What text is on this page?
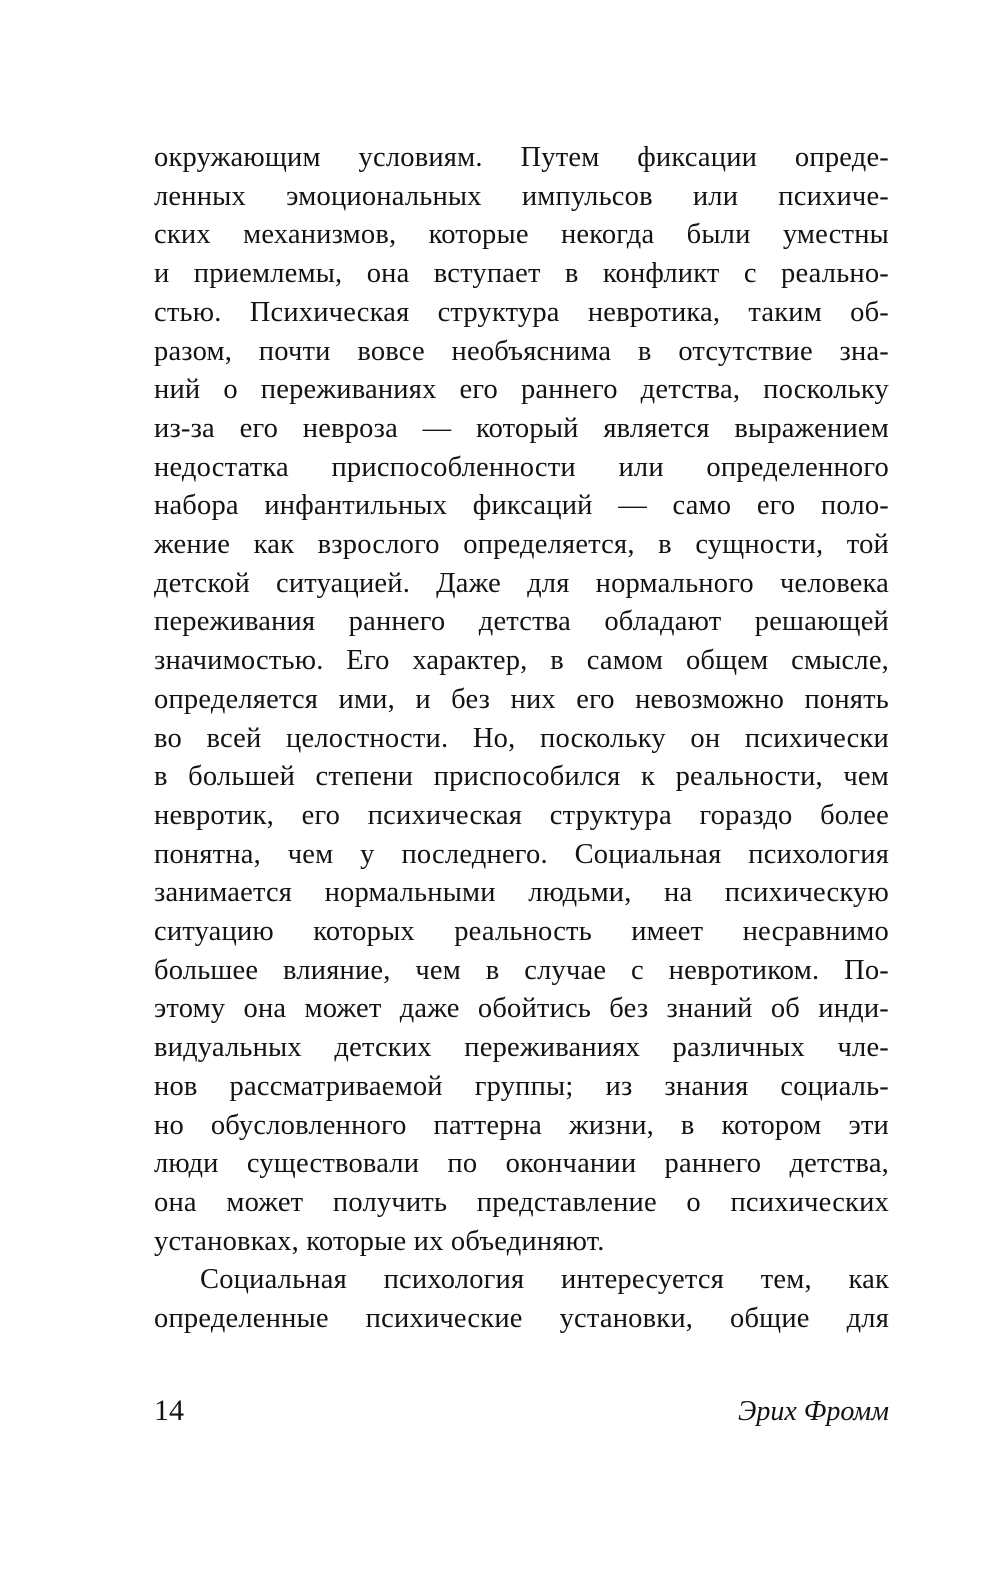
окружающим условиям. Путем фиксации опреде-
ленных эмоциональных импульсов или психиче-
ских механизмов, которые некогда были уместны
и приемлемы, она вступает в конфликт с реально-
стью. Психическая структура невротика, таким об-
разом, почти вовсе необъяснима в отсутствие зна-
ний о переживаниях его раннего детства, поскольку
из-за его невроза — который является выражением
недостатка приспособленности или определенного
набора инфантильных фиксаций — само его поло-
жение как взрослого определяется, в сущности, той
детской ситуацией. Даже для нормального человека
переживания раннего детства обладают решающей
значимостью. Его характер, в самом общем смысле,
определяется ими, и без них его невозможно понять
во всей целостности. Но, поскольку он психически
в большей степени приспособился к реальности, чем
невротик, его психическая структура гораздо более
понятна, чем у последнего. Социальная психология
занимается нормальными людьми, на психическую
ситуацию которых реальность имеет несравнимо
большее влияние, чем в случае с невротиком. По-
этому она может даже обойтись без знаний об инди-
видуальных детских переживаниях различных чле-
нов рассматриваемой группы; из знания социаль-
но обусловленного паттерна жизни, в котором эти
люди существовали по окончании раннего детства,
она может получить представление о психических
установках, которые их объединяют.
Социальная психология интересуется тем, как
определенные психические установки, общие для
14	Эрих Фромм
